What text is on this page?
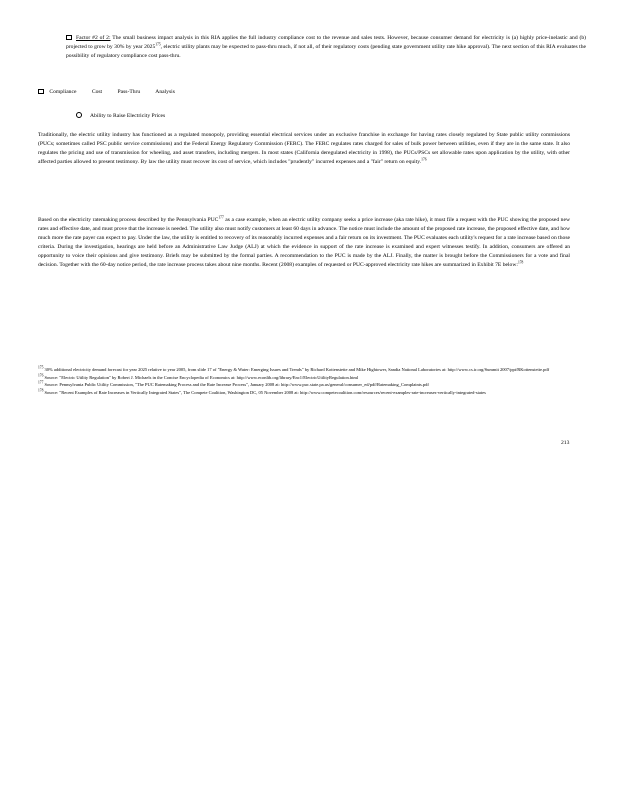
Factor #2 of 2: The small business impact analysis in this RIA applies the full industry compliance cost to the revenue and sales tests. However, because consumer demand for electricity is (a) highly price-inelastic and (b) projected to grow by 30% by year 2025$^{175}$, electric utility plants may be expected to pass-thru much, if not all, of their regulatory costs (pending state government utility rate hike approval). The next section of this RIA evaluates the possibility of regulatory compliance cost pass-thru.

Compliance	Cost	Pass-Thru	Analysis
Ability to Raise Electricity Prices

Traditionally, the electric utility industry has functioned as a regulated monopoly, providing essential electrical services under an exclusive franchise in exchange for having rates closely regulated by State public utility commissions (PUCs; sometimes called PSC public service commissions) and the Federal Energy Regulatory Commission (FERC). The FERC regulates rates charged for sales of bulk power between utilities, even if they are in the same state. It also regulates the pricing and use of transmission for wheeling, and asset transfers, including mergers. In most states (California deregulated electricity in 1998), the PUCs/PSCs set allowable rates upon application by the utility, with other affected parties allowed to present testimony. By law the utility must recover its cost of service, which includes "prudently" incurred expenses and a "fair" return on equity.$^{176}$

Based on the electricity ratemaking process described by the Pennsylvania PUC$^{177}$ as a case example, when an electric utility company seeks a price increase (aka rate hike), it must file a request with the PUC showing the proposed new rates and effective date, and must prove that the increase is needed. The utility also must notify customers at least 60 days in advance. The notice must include the amount of the proposed rate increase, the proposed effective date, and how much more the rate payer can expect to pay. Under the law, the utility is entitled to recovery of its reasonably incurred expenses and a fair return on its investment. The PUC evaluates each utility's request for a rate increase based on those criteria. During the investigation, hearings are held before an Administrative Law Judge (ALJ) at which the evidence in support of the rate increase is examined and expert witnesses testify. In addition, consumers are offered an opportunity to voice their opinions and give testimony. Briefs may be submitted by the formal parties. A recommendation to the PUC is made by the ALJ. Finally, the matter is brought before the Commissioners for a vote and final decision. Together with the 60-day notice period, the rate increase process takes about nine months. Recent (2008) examples of requested or PUC-approved electricity rate hikes are summarized in Exhibit 7E below:$^{178}$

$^{175}$ 30% additional electricity demand forecast for year 2025 relative to year 2005, from slide 17 of "Energy & Water: Emerging Issues and Trends" by Richard Kottenstette and Mike Hightower, Sandia National Laboratories at: http://www.cs.ir.org/Summit 2007/ppt/RKottenstette.pdf

$^{176}$ Source: "Electric Utility Regulation" by Robert J. Michaels in the Concise Encyclopedia of Economics at: http://www.econlib.org/library/Enc1/ElectricUtilityRegulation.html

$^{177}$ Source: Pennsylvania Public Utility Commission, "The PUC Ratemaking Process and the Rate Increase Process", January 2008 at: http://www.puc.state.pa.us/general/consumer_ed/pdf/Ratemaking_Complaints.pdf

$^{178}$ Source: "Recent Examples of Rate Increases in Vertically Integrated States", The Compete Coalition, Washington DC, 05 November 2008 at: http://www.competecoalition.com/resources/recent-examples-rate-increases-vertically-integrated-states

213
